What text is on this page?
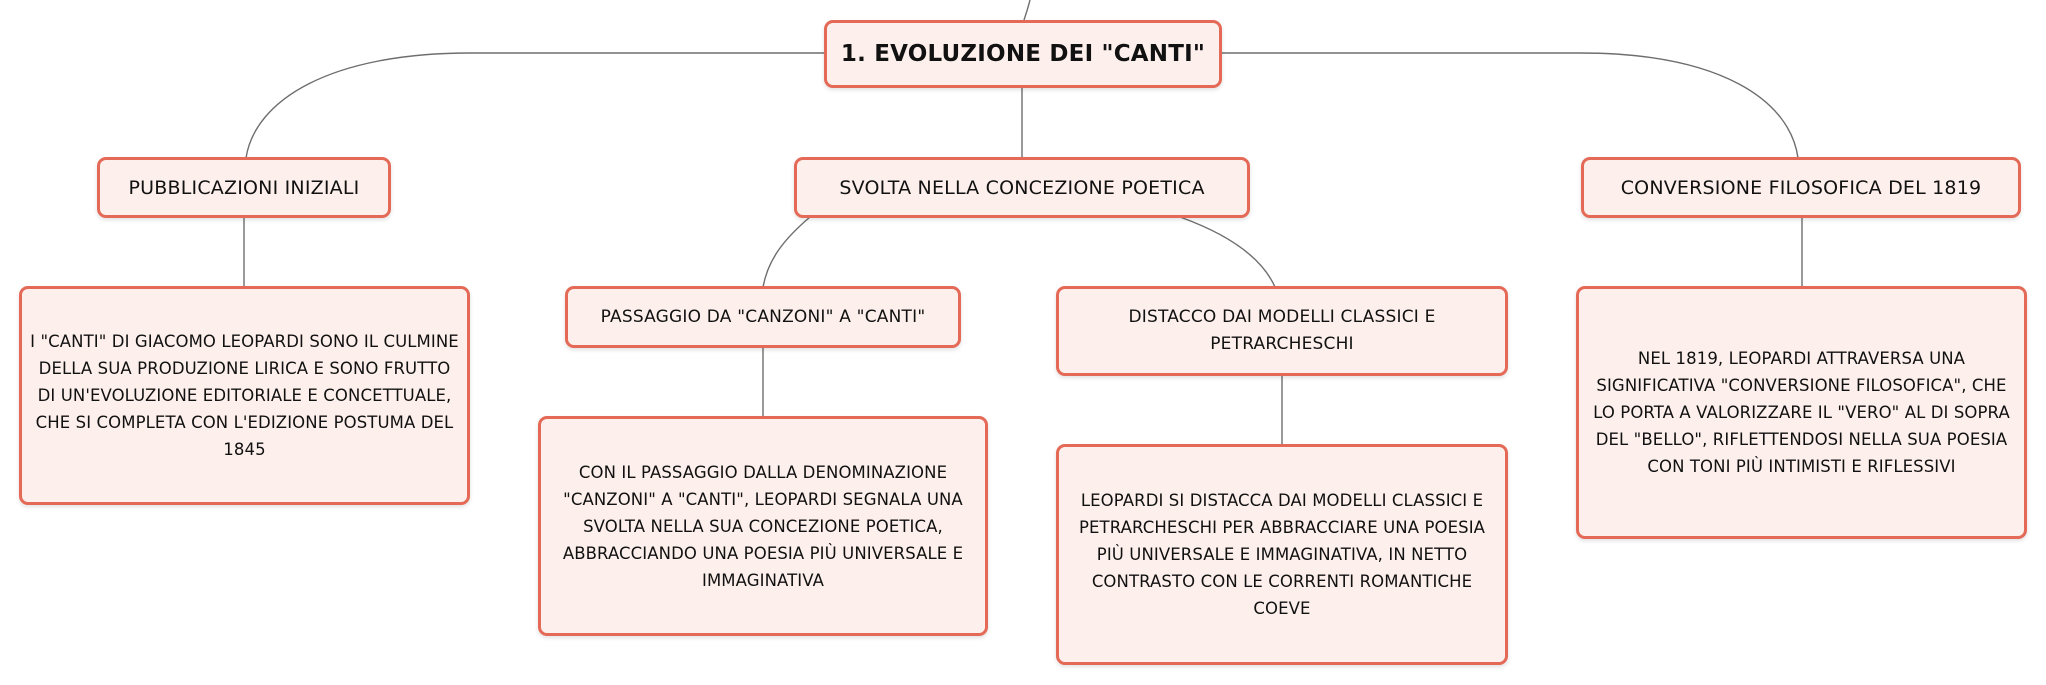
1. EVOLUZIONE DEI "CANTI"
PUBBLICAZIONI INIZIALI
I "CANTI" DI GIACOMO LEOPARDI SONO IL CULMINE DELLA SUA PRODUZIONE LIRICA E SONO FRUTTO DI UN'EVOLUZIONE EDITORIALE E CONCETTUALE, CHE SI COMPLETA CON L'EDIZIONE POSTUMA DEL 1845
SVOLTA NELLA CONCEZIONE POETICA
PASSAGGIO DA "CANZONI" A "CANTI"
CON IL PASSAGGIO DALLA DENOMINAZIONE "CANZONI" A "CANTI", LEOPARDI SEGNALA UNA SVOLTA NELLA SUA CONCEZIONE POETICA, ABBRACCIANDO UNA POESIA PIÙ UNIVERSALE E IMMAGINATIVA
DISTACCO DAI MODELLI CLASSICI E PETRARCHESCHI
LEOPARDI SI DISTACCA DAI MODELLI CLASSICI E PETRARCHESCHI PER ABBRACCIARE UNA POESIA PIÙ UNIVERSALE E IMMAGINATIVA, IN NETTO CONTRASTO CON LE CORRENTI ROMANTICHE COEVE
CONVERSIONE FILOSOFICA DEL 1819
NEL 1819, LEOPARDI ATTRAVERSA UNA SIGNIFICATIVA "CONVERSIONE FILOSOFICA", CHE LO PORTA A VALORIZZARE IL "VERO" AL DI SOPRA DEL "BELLO", RIFLETTENDOSI NELLA SUA POESIA CON TONI PIÙ INTIMISTI E RIFLESSIVI
